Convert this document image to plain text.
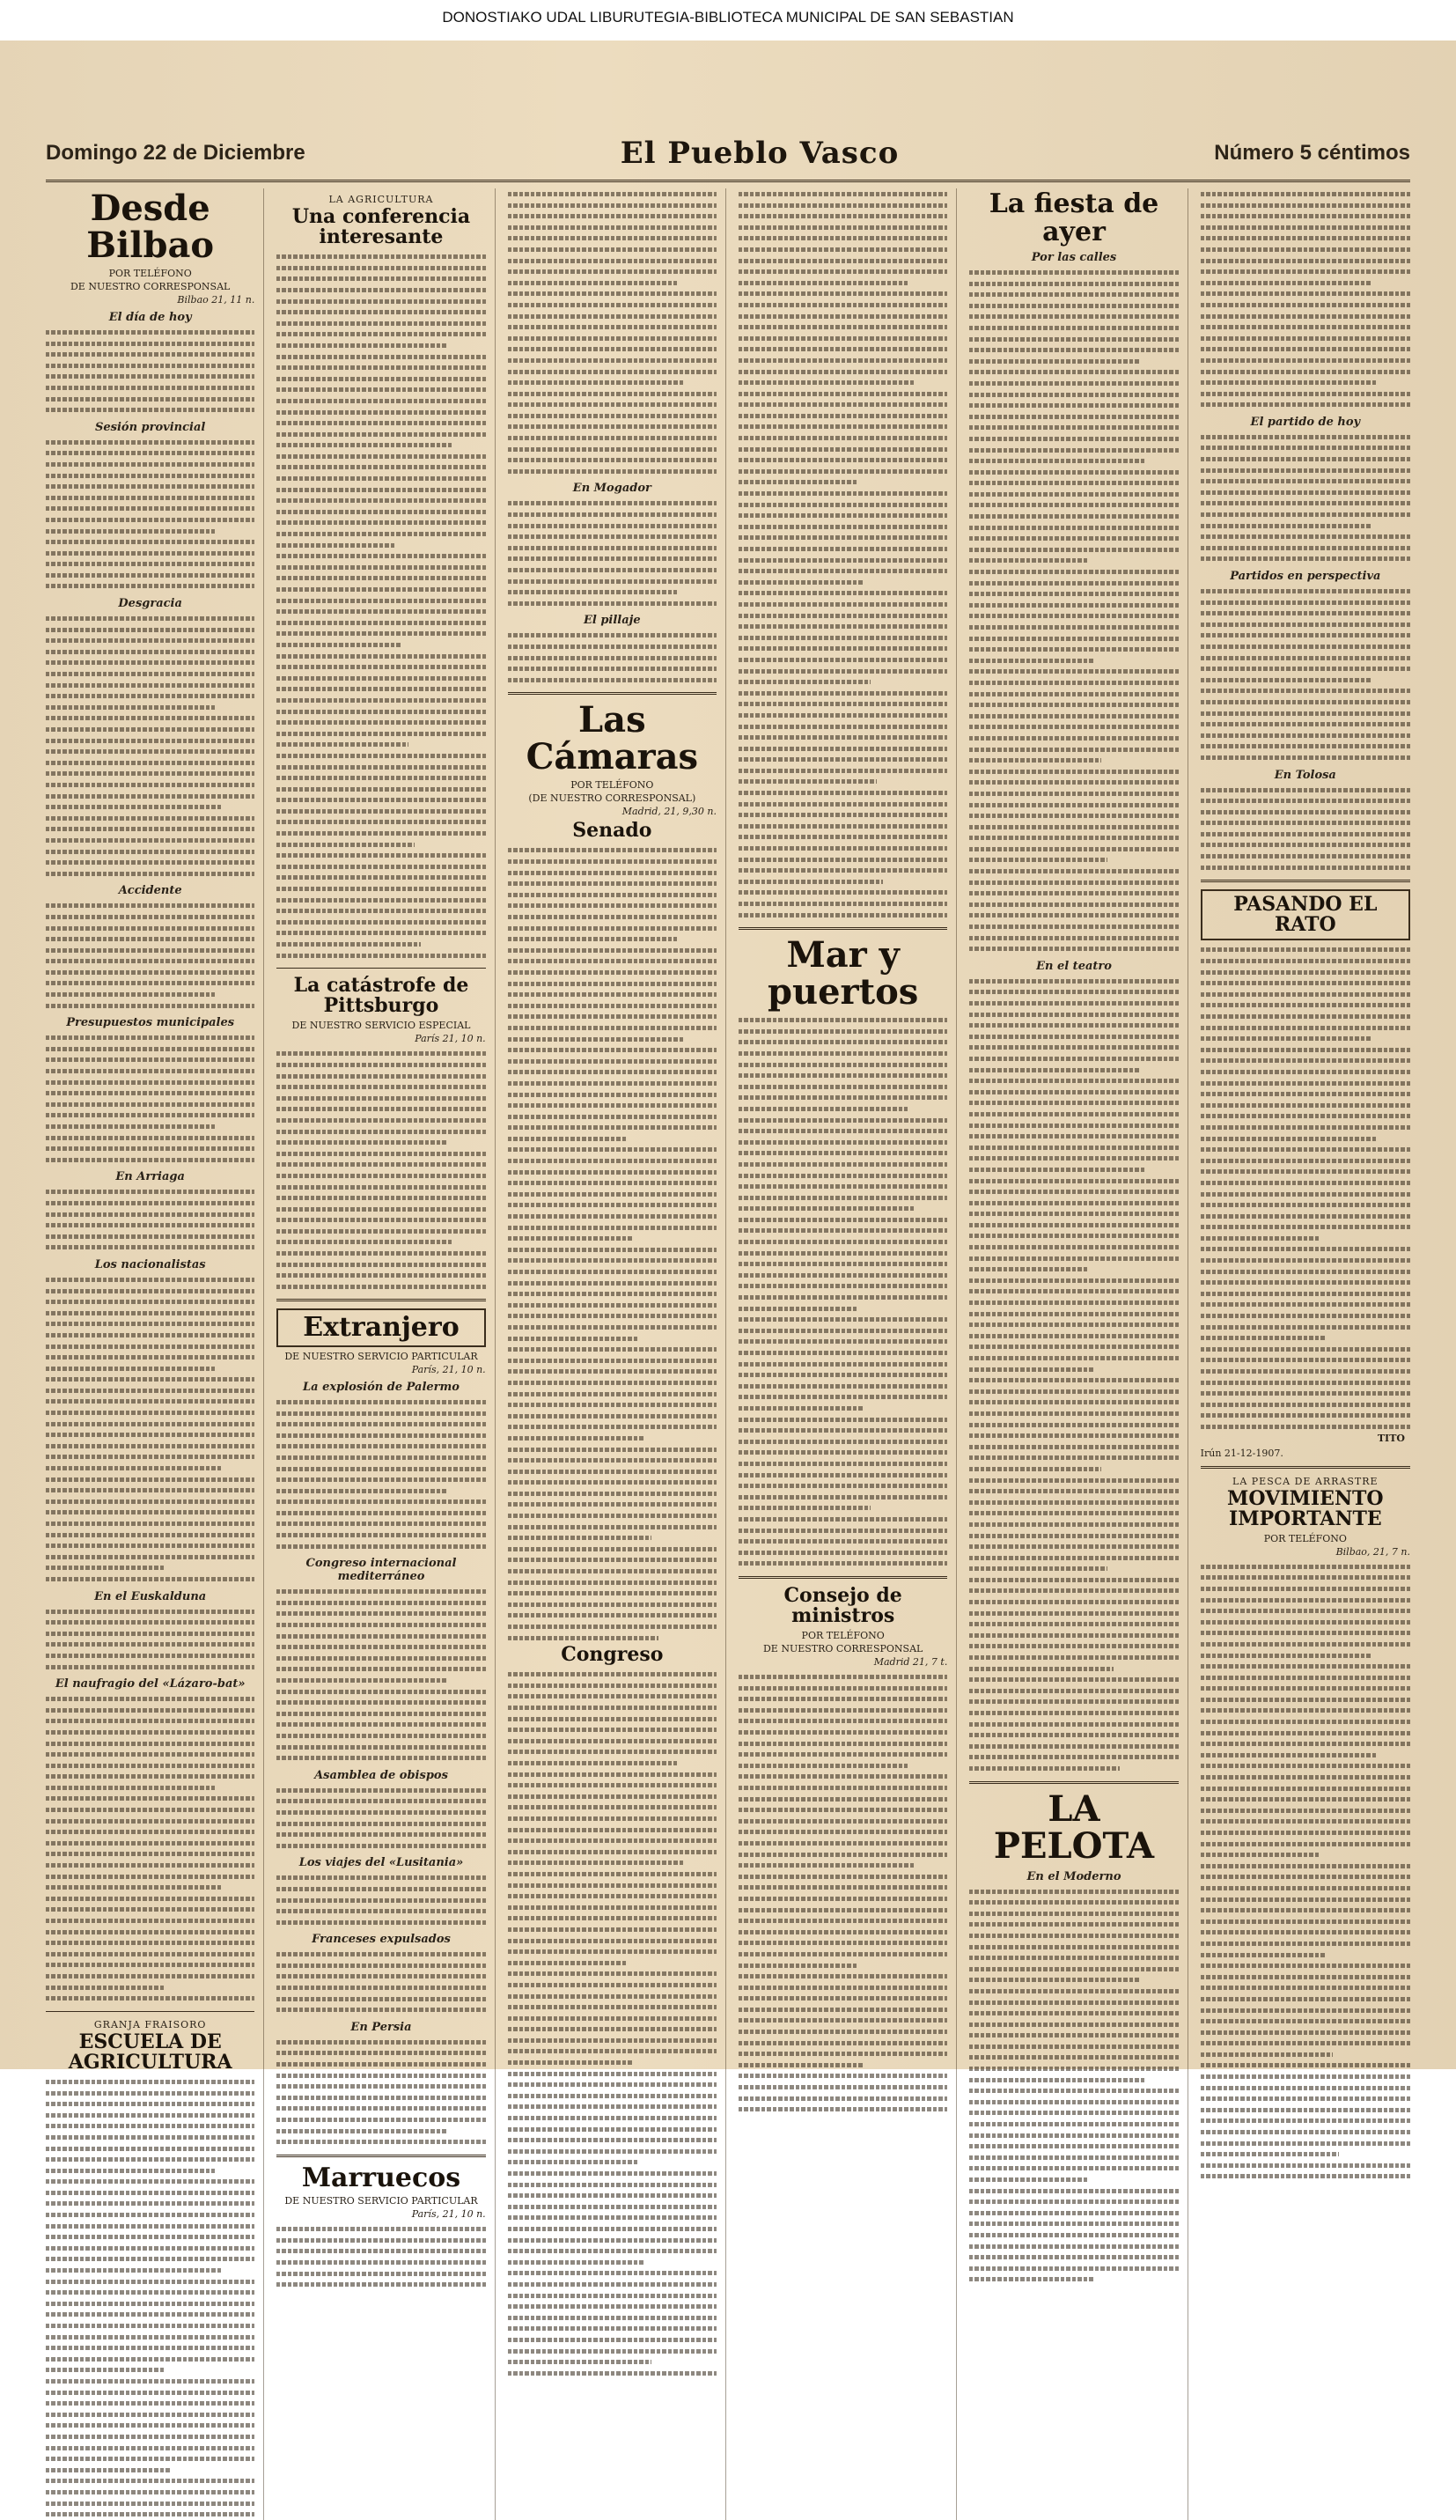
DONOSTIAKO UDAL LIBURUTEGIA-BIBLIOTECA MUNICIPAL DE SAN SEBASTIAN
Domingo 22 de Diciembre	El Pueblo Vasco	Número 5 céntimos
Desde Bilbao
POR TELÉFONO
DE NUESTRO CORRESPONSAL
Bilbao 21, 11 n.
El día de hoy
Sesión provincial
Desgracia
Accidente
Presupuestos municipales
En Arriaga
Los nacionalistas
En el Euskalduna
El naufragio del «Lázaro-bat»
GRANJA FRAISORO
ESCUELA DE AGRICULTURA
LA AGRICULTURA
Una conferencia interesante
La catástrofe de Pittsburgo
DE NUESTRO SERVICIO ESPECIAL
París 21, 10 n.
Extranjero
DE NUESTRO SERVICIO PARTICULAR
París, 21, 10 n.
La explosión de Palermo
Congreso internacional mediterráneo
Asamblea de obispos
Los viajes del «Lusitania»
Franceses expulsados
En Persia
Marruecos
DE NUESTRO SERVICIO PARTICULAR
París, 21, 10 n.
En Mogador
El pillaje
Las Cámaras
POR TELÉFONO
(DE NUESTRO CORRESPONSAL)
Madrid, 21, 9,30 n.
Senado
Congreso
Mar y puertos
Consejo de ministros
POR TELÉFONO
DE NUESTRO CORRESPONSAL
Madrid 21, 7 t.
La fiesta de ayer
Por las calles
En el teatro
LA PELOTA
En el Moderno
El partido de hoy
Partidos en perspectiva
En Tolosa
PASANDO EL RATO
TITO
Irún 21-12-1907.
LA PESCA DE ARRASTRE
MOVIMIENTO IMPORTANTE
POR TELÉFONO
Bilbao, 21, 7 n.
